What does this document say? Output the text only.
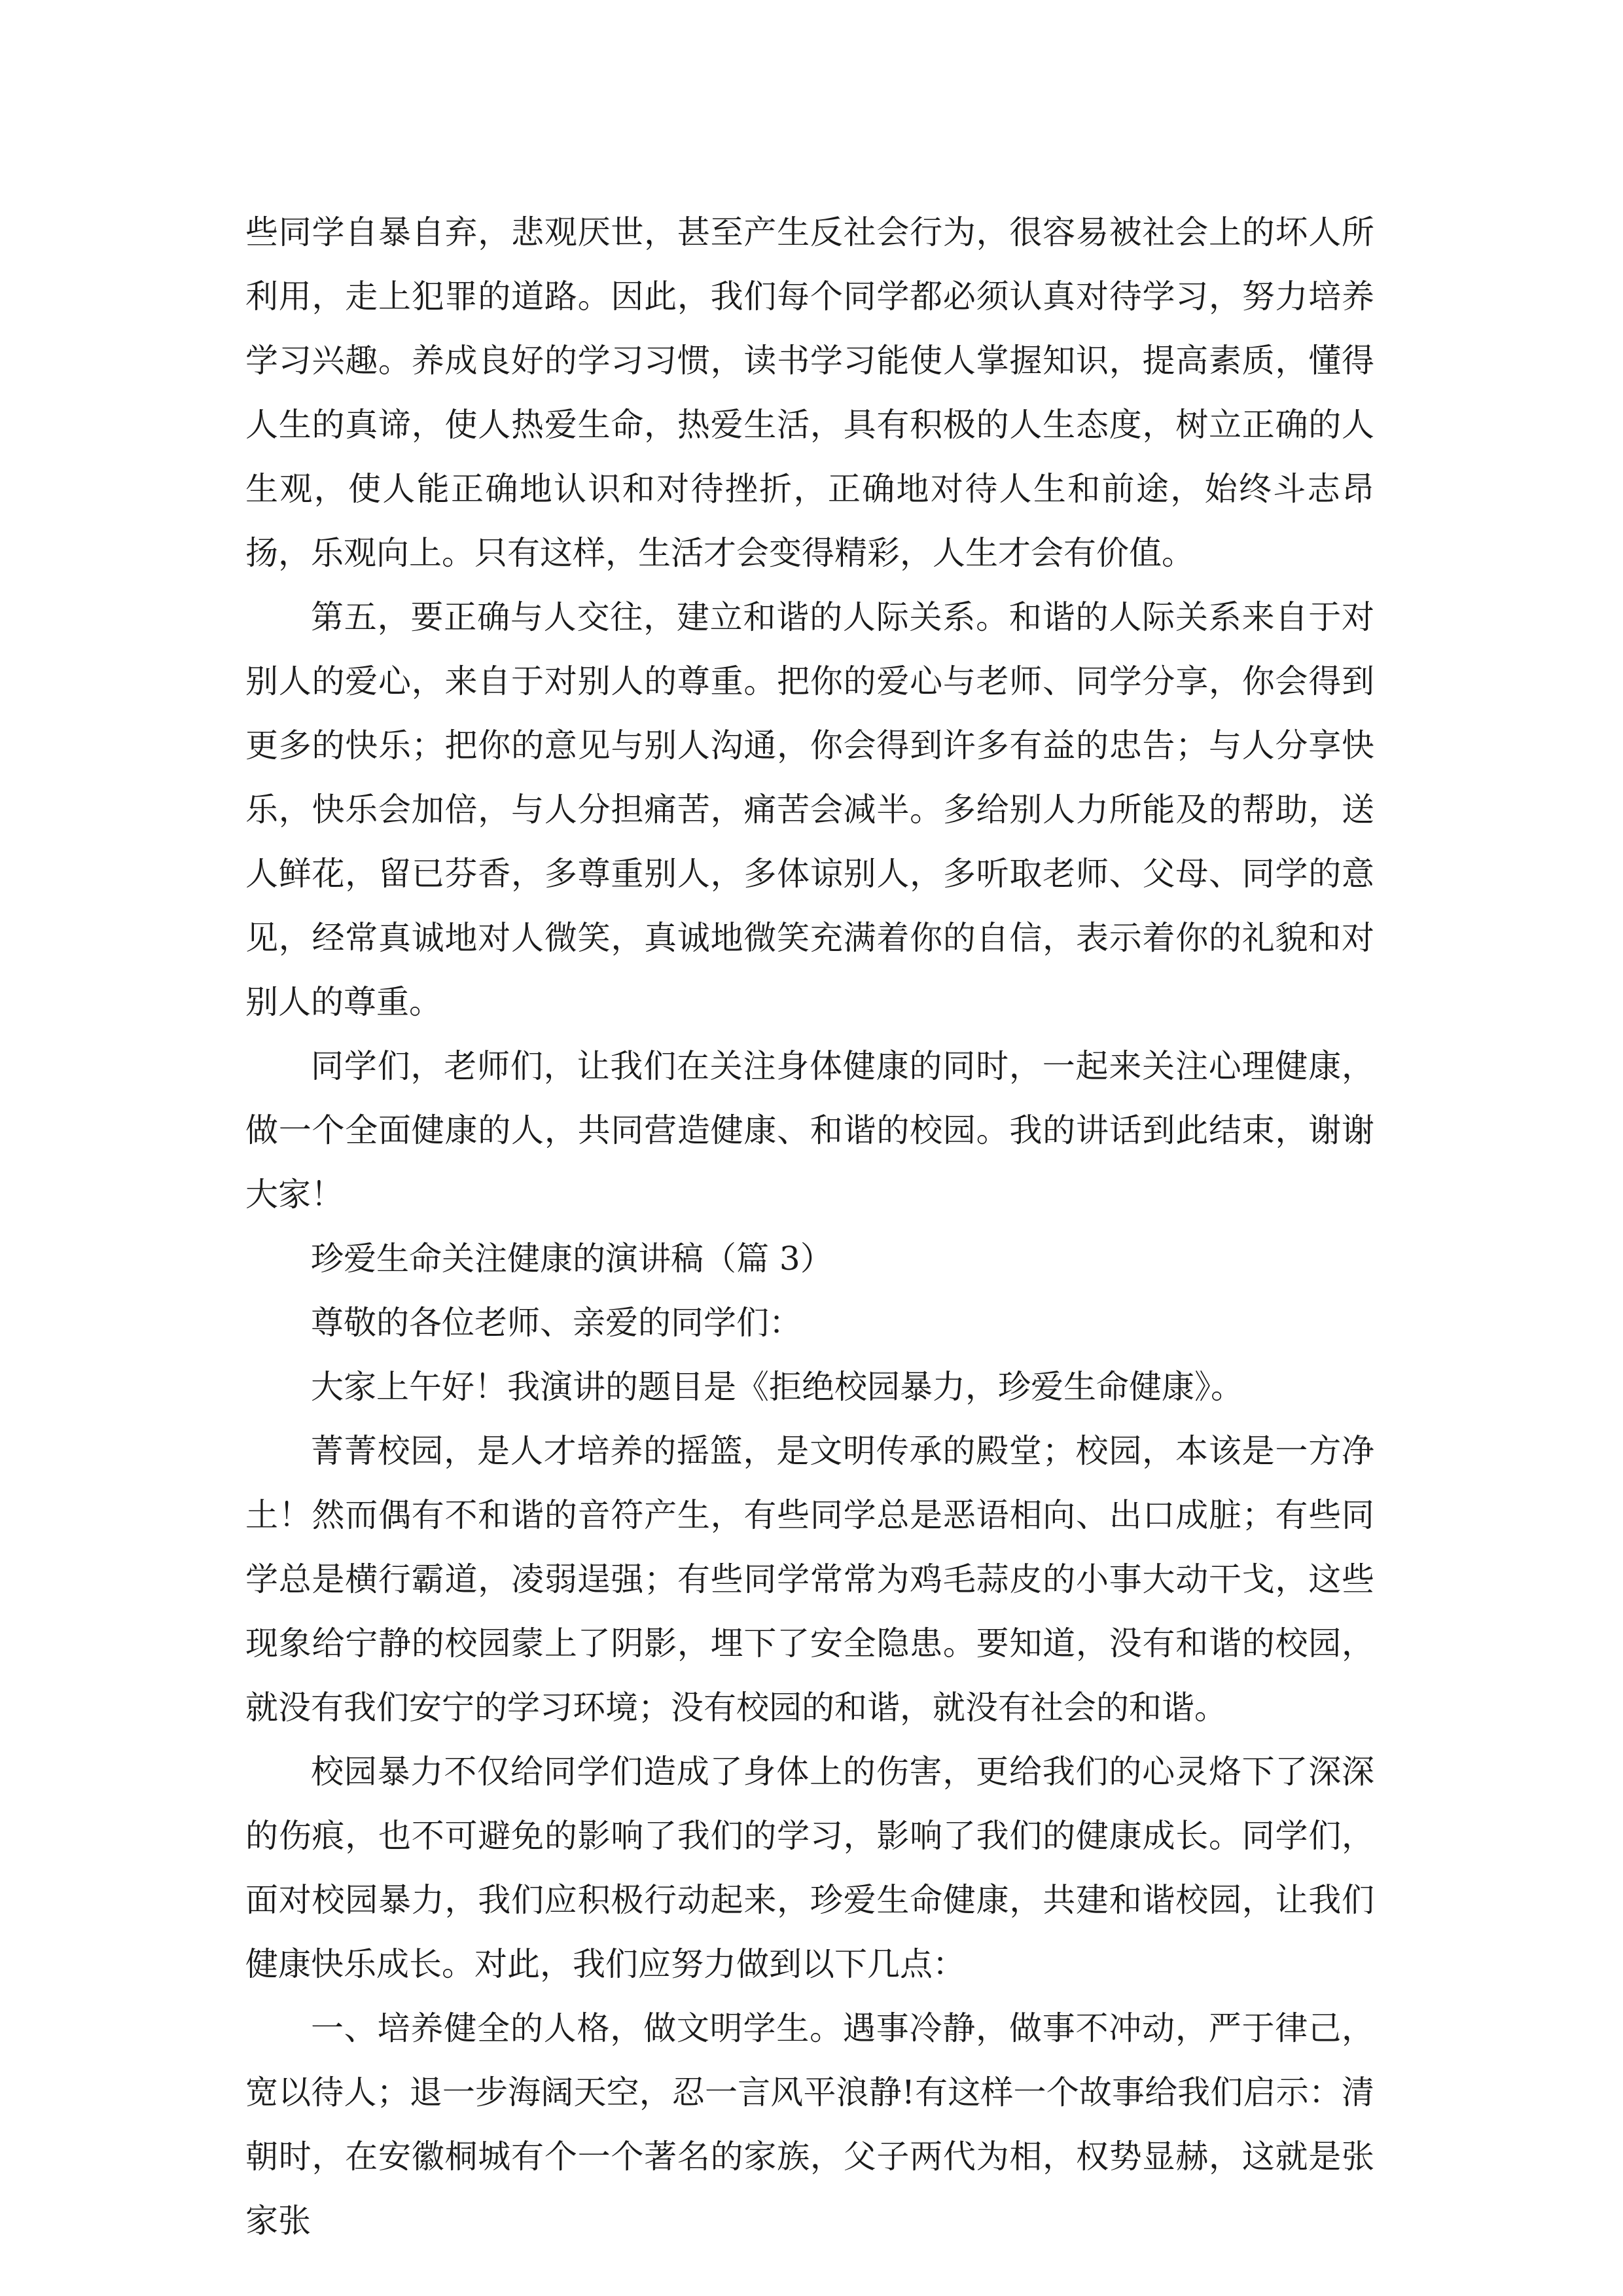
些同学自暴自弃，悲观厌世，甚至产生反社会行为，很容易被社会上的坏人所利用，走上犯罪的道路。因此，我们每个同学都必须认真对待学习，努力培养学习兴趣。养成良好的学习习惯，读书学习能使人掌握知识，提高素质，懂得人生的真谛，使人热爱生命，热爱生活，具有积极的人生态度，树立正确的人生观，使人能正确地认识和对待挫折，正确地对待人生和前途，始终斗志昂扬，乐观向上。只有这样，生活才会变得精彩，人生才会有价值。

第五，要正确与人交往，建立和谐的人际关系。和谐的人际关系来自于对别人的爱心，来自于对别人的尊重。把你的爱心与老师、同学分享，你会得到更多的快乐；把你的意见与别人沟通，你会得到许多有益的忠告；与人分享快乐，快乐会加倍，与人分担痛苦，痛苦会减半。多给别人力所能及的帮助，送人鲜花，留已芬香，多尊重别人，多体谅别人，多听取老师、父母、同学的意见，经常真诚地对人微笑，真诚地微笑充满着你的自信，表示着你的礼貌和对别人的尊重。

同学们，老师们，让我们在关注身体健康的同时，一起来关注心理健康，做一个全面健康的人，共同营造健康、和谐的校园。我的讲话到此结束，谢谢大家！

珍爱生命关注健康的演讲稿（篇 3）

尊敬的各位老师、亲爱的同学们：

大家上午好！我演讲的题目是《拒绝校园暴力，珍爱生命健康》。

菁菁校园，是人才培养的摇篮，是文明传承的殿堂；校园，本该是一方净土！然而偶有不和谐的音符产生，有些同学总是恶语相向、出口成脏；有些同学总是横行霸道，凌弱逞强；有些同学常常为鸡毛蒜皮的小事大动干戈，这些现象给宁静的校园蒙上了阴影，埋下了安全隐患。要知道，没有和谐的校园，就没有我们安宁的学习环境；没有校园的和谐，就没有社会的和谐。

校园暴力不仅给同学们造成了身体上的伤害，更给我们的心灵烙下了深深的伤痕，也不可避免的影响了我们的学习，影响了我们的健康成长。同学们，面对校园暴力，我们应积极行动起来，珍爱生命健康，共建和谐校园，让我们健康快乐成长。对此，我们应努力做到以下几点：

一、培养健全的人格，做文明学生。遇事冷静，做事不冲动，严于律己，宽以待人；退一步海阔天空，忍一言风平浪静!有这样一个故事给我们启示：清朝时，在安徽桐城有个一个著名的家族，父子两代为相，权势显赫，这就是张家张
